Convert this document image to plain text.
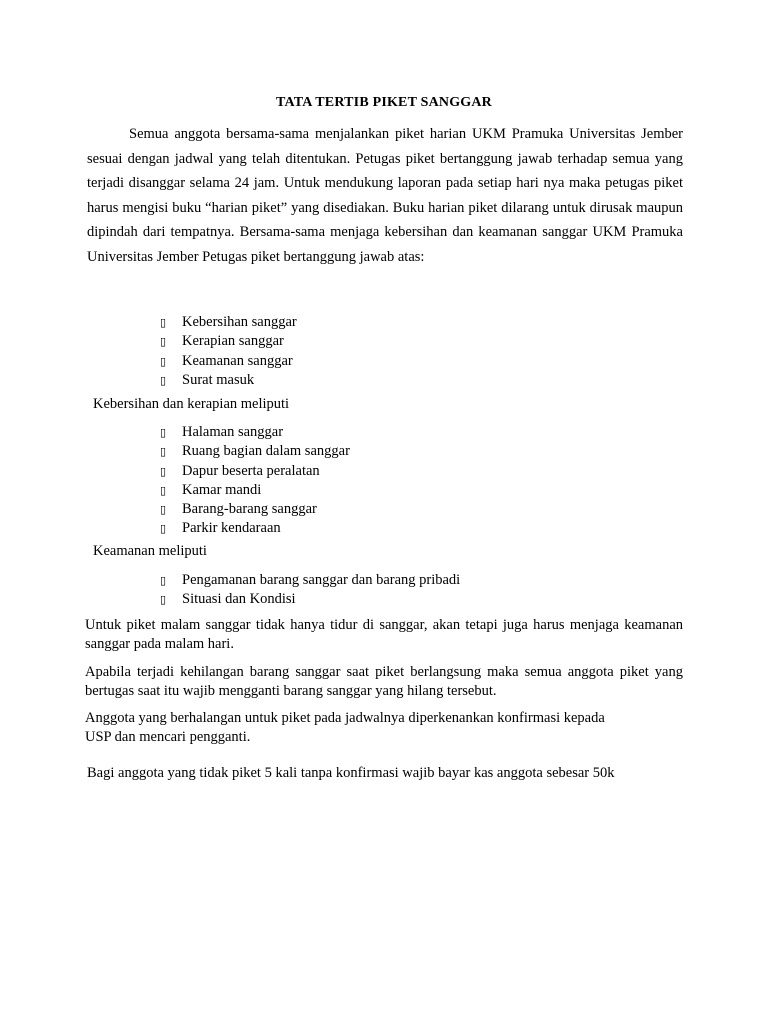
TATA TERTIB PIKET SANGGAR

Semua anggota bersama-sama menjalankan piket harian UKM Pramuka Universitas Jember sesuai dengan jadwal yang telah ditentukan. Petugas piket bertanggung jawab terhadap semua yang terjadi disanggar selama 24 jam. Untuk mendukung laporan pada setiap hari nya maka petugas piket harus mengisi buku “harian piket” yang disediakan. Buku harian piket dilarang untuk dirusak maupun dipindah dari tempatnya. Bersama-sama menjaga kebersihan dan keamanan sanggar UKM Pramuka Universitas Jember Petugas piket bertanggung jawab atas:

▯	Kebersihan sanggar
▯	Kerapian sanggar
▯	Keamanan sanggar
▯	Surat masuk

Kebersihan dan kerapian meliputi

▯	Halaman sanggar
▯	Ruang bagian dalam sanggar
▯	Dapur beserta peralatan
▯	Kamar mandi
▯	Barang-barang sanggar
▯	Parkir kendaraan

Keamanan meliputi

▯	Pengamanan barang sanggar dan barang pribadi
▯	Situasi dan Kondisi

Untuk piket malam sanggar tidak hanya tidur di sanggar, akan tetapi juga harus menjaga keamanan sanggar pada malam hari.

Apabila terjadi kehilangan barang sanggar saat piket berlangsung maka semua anggota piket yang bertugas saat itu wajib mengganti barang sanggar yang hilang tersebut.

Anggota yang berhalangan untuk piket pada jadwalnya diperkenankan konfirmasi kepada
USP dan mencari pengganti.

Bagi anggota yang tidak piket 5 kali tanpa konfirmasi wajib bayar kas anggota sebesar 50k
